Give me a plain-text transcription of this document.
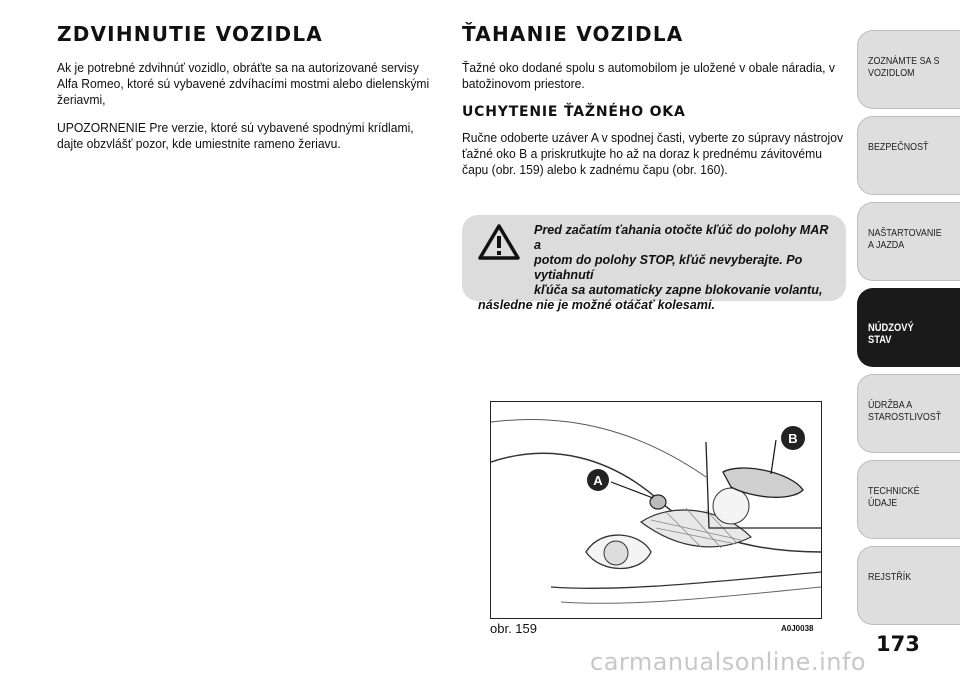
ZDVIHNUTIE VOZIDLA

Ak je potrebné zdvihnúť vozidlo, obráťte sa na autorizované servisy Alfa Romeo, ktoré sú vybavené zdvíhacími mostmi alebo dielenskými žeriavmi,

UPOZORNENIE Pre verzie, ktoré sú vybavené spodnými krídlami, dajte obzvlášť pozor, kde umiestnite rameno žeriavu.

ŤAHANIE VOZIDLA

Ťažné oko dodané spolu s automobilom je uložené v obale náradia, v batožinovom priestore.

UCHYTENIE ŤAŽNÉHO OKA

Ručne odoberte uzáver A v spodnej časti, vyberte zo súpravy nástrojov ťažné oko B a priskrutkujte ho až na doraz k prednému závitovému čapu (obr. 159) alebo k zadnému čapu (obr. 160).

Pred začatím ťahania otočte kľúč do polohy MAR a
potom do polohy STOP, kľúč nevyberajte. Po vytiahnutí
kľúča sa automaticky zapne blokovanie volantu,
následne nie je možné otáčať kolesami.
A
B
obr. 159	A0J0038
ZOZNÁMTE SA S VOZIDLOM
BEZPEČNOSŤ
NAŠTARTOVANIE A JAZDA
NÚDZOVÝ STAV
ÚDRŽBA A STAROSTLIVOSŤ
TECHNICKÉ ÚDAJE
REJSTŘÍK
173
carmanualsonline.info
